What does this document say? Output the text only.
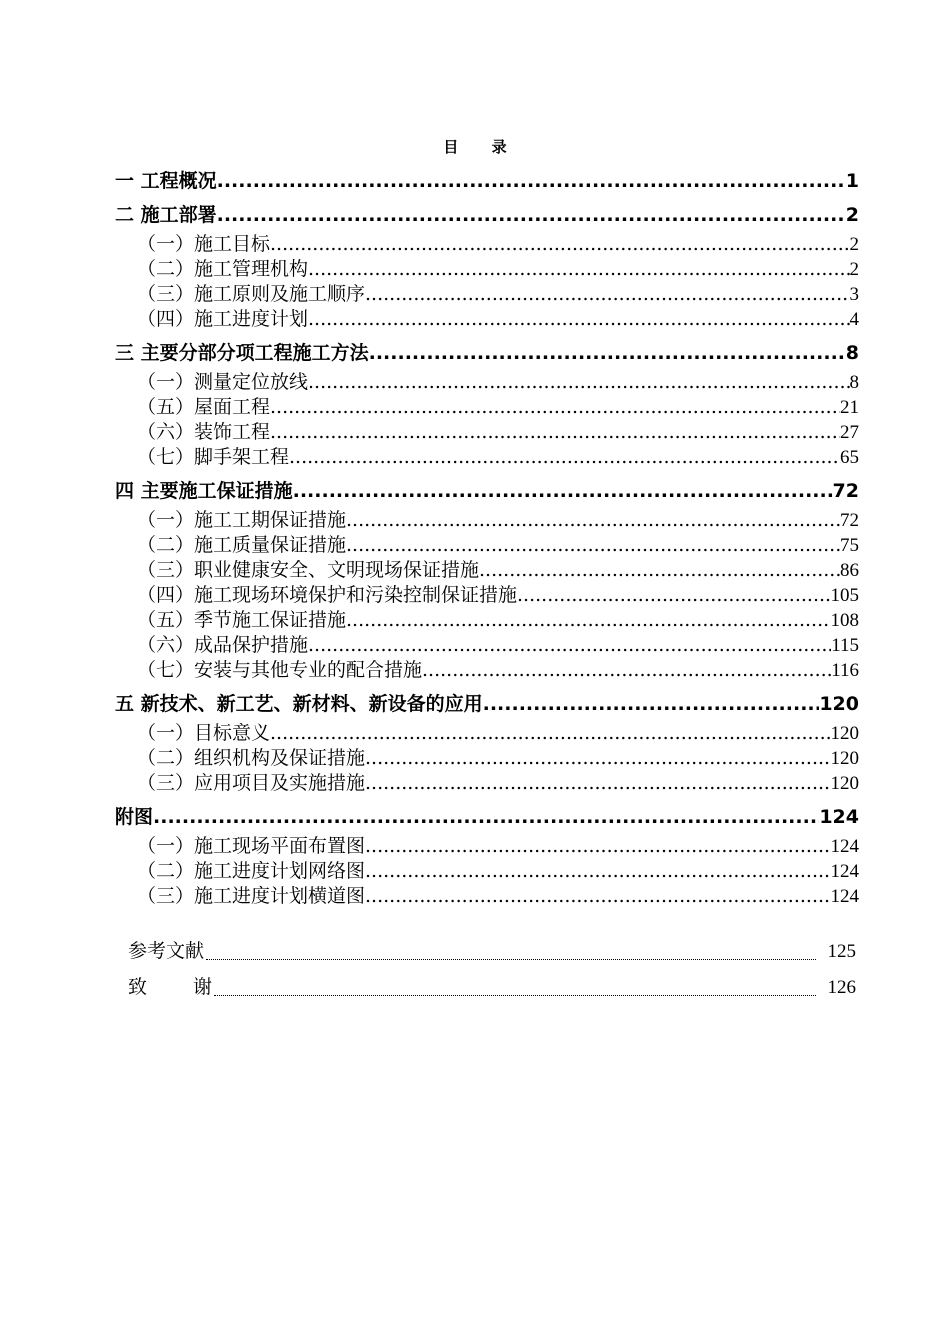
目 录
一 工程概况 .....	1
二 施工部署 .....	2
（一）施工目标 .....	2
（二）施工管理机构 .....	2
（三）施工原则及施工顺序 .....	3
（四）施工进度计划 .....	4
三 主要分部分项工程施工方法 .....	8
（一）测量定位放线 .....	8
（五）屋面工程 .....	21
（六）装饰工程 .....	27
（七）脚手架工程 .....	65
四 主要施工保证措施 .....	72
（一）施工工期保证措施 .....	72
（二）施工质量保证措施 .....	75
（三）职业健康安全、文明现场保证措施 .....	86
（四）施工现场环境保护和污染控制保证措施 .....	105
（五）季节施工保证措施 .....	108
（六）成品保护措施 .....	115
（七）安装与其他专业的配合措施 .....	116
五 新技术、新工艺、新材料、新设备的应用 .....	120
（一）目标意义 .....	120
（二）组织机构及保证措施 .....	120
（三）应用项目及实施措施 .....	120
附图 .....	124
（一）施工现场平面布置图 .....	124
（二）施工进度计划网络图 .....	124
（三）施工进度计划横道图 .....	124
参考文献	125
致 谢	126
